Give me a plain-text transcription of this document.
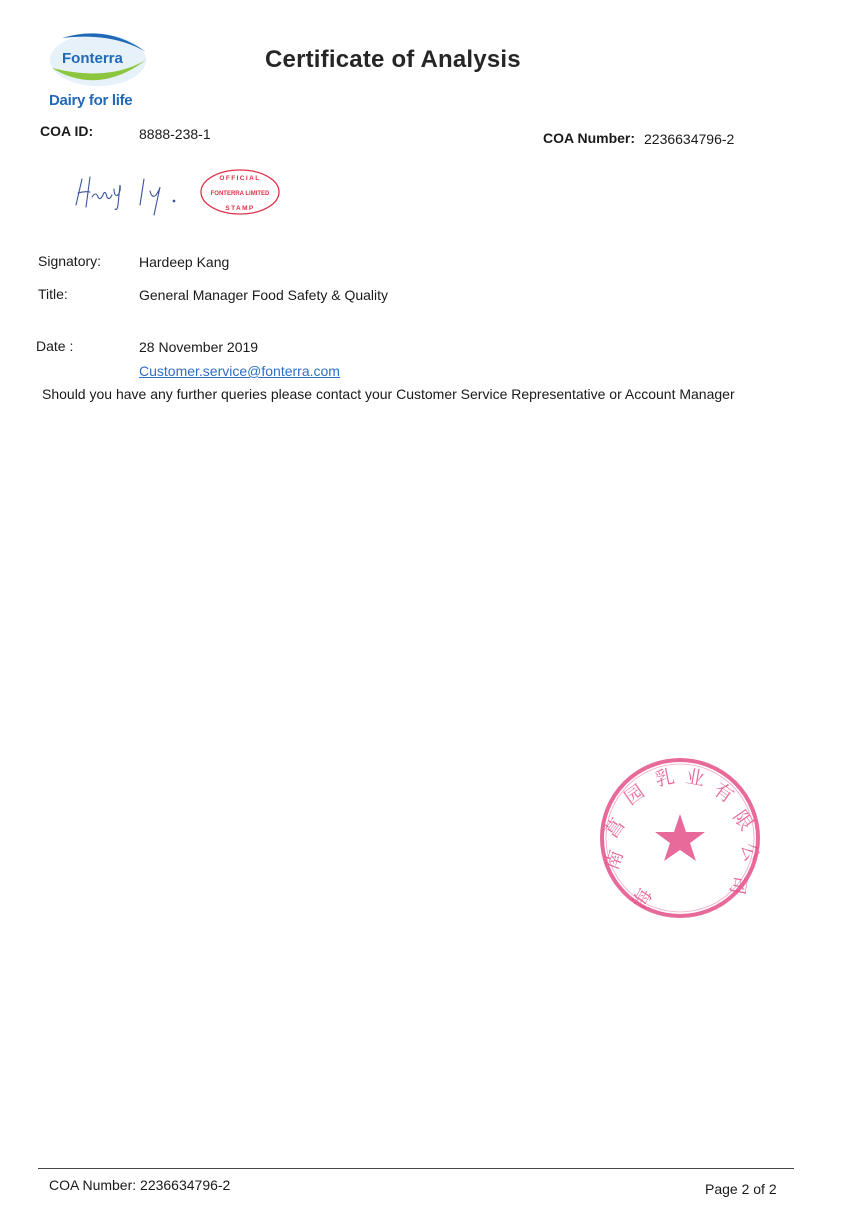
Fonterra
Dairy for life
Certificate of Analysis
COA ID:	8888-238-1	COA Number: 2236634796-2
OFFICIAL
FONTERRA LIMITED
STAMP
Signatory:	Hardeep Kang
Title:	General Manager Food Safety & Quality
Date :	28 November 2019
Customer.service@fonterra.com
Should you have any further queries please contact your Customer Service Representative or Account Manager
海
南
菖
园
乳 业
有
限
公
司
COA Number: 2236634796-2	Page 2 of 2
